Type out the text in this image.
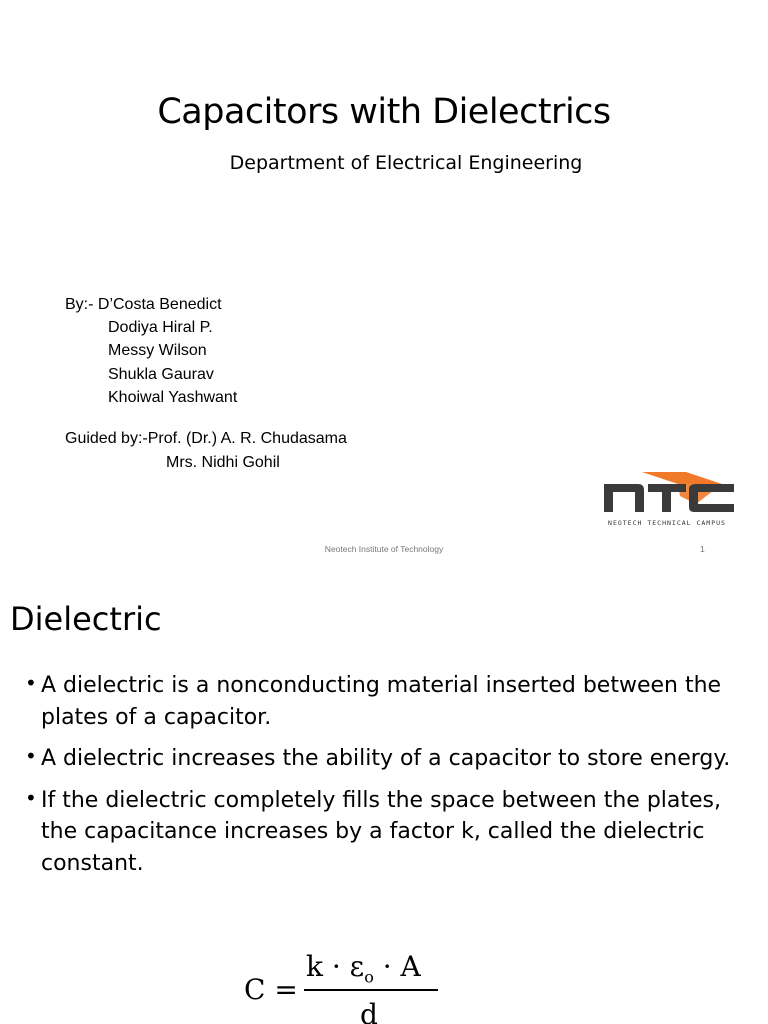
Capacitors with Dielectrics
Department of Electrical Engineering
By:- D’Costa Benedict
Dodiya Hiral P.
Messy Wilson
Shukla Gaurav
Khoiwal Yashwant
Guided by:-Prof. (Dr.) A. R. Chudasama
Mrs. Nidhi Gohil
NEOTECH TECHNICAL CAMPUS
Neotech Institute of Technology	1
Dielectric
• A dielectric is a nonconducting material inserted between the plates of a capacitor.
• A dielectric increases the ability of a capacitor to store energy.
• If the dielectric completely fills the space between the plates, the capacitance increases by a factor k, called the dielectric constant.
C =
$k \cdot \varepsilon_o \cdot A$
d
